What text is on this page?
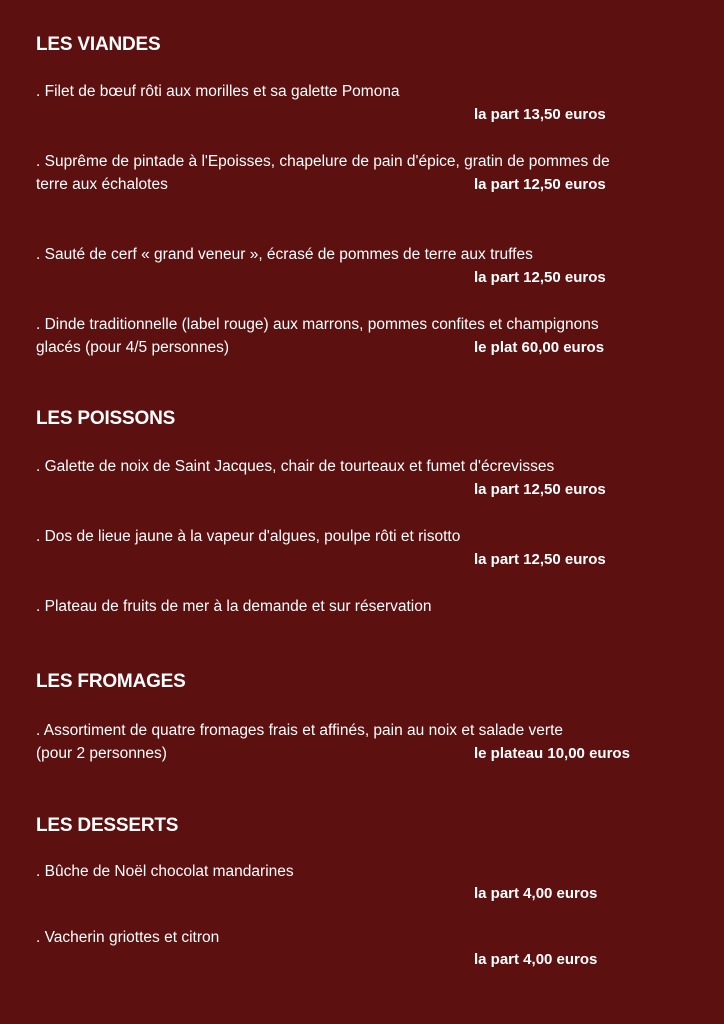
LES VIANDES
. Filet de bœuf rôti aux morilles et sa galette Pomona
la part 13,50 euros
. Suprême de pintade à l'Epoisses, chapelure de pain d'épice, gratin de pommes de
terre aux échalotes	la part 12,50 euros
. Sauté de cerf « grand veneur », écrasé de pommes de terre aux truffes
la part 12,50 euros
. Dinde traditionnelle (label rouge) aux marrons, pommes confites et champignons
glacés (pour 4/5 personnes)	le plat 60,00 euros
LES POISSONS
. Galette de noix de Saint Jacques, chair de tourteaux et fumet d'écrevisses
la part 12,50 euros
. Dos de lieue jaune à la vapeur d'algues, poulpe rôti et risotto
la part 12,50 euros
. Plateau de fruits de mer à la demande et sur réservation
LES FROMAGES
. Assortiment de quatre fromages frais et affinés, pain au noix et salade verte
(pour 2 personnes)	le plateau 10,00 euros
LES DESSERTS
. Bûche de Noël chocolat mandarines
la part 4,00 euros
. Vacherin griottes et citron
la part 4,00 euros
